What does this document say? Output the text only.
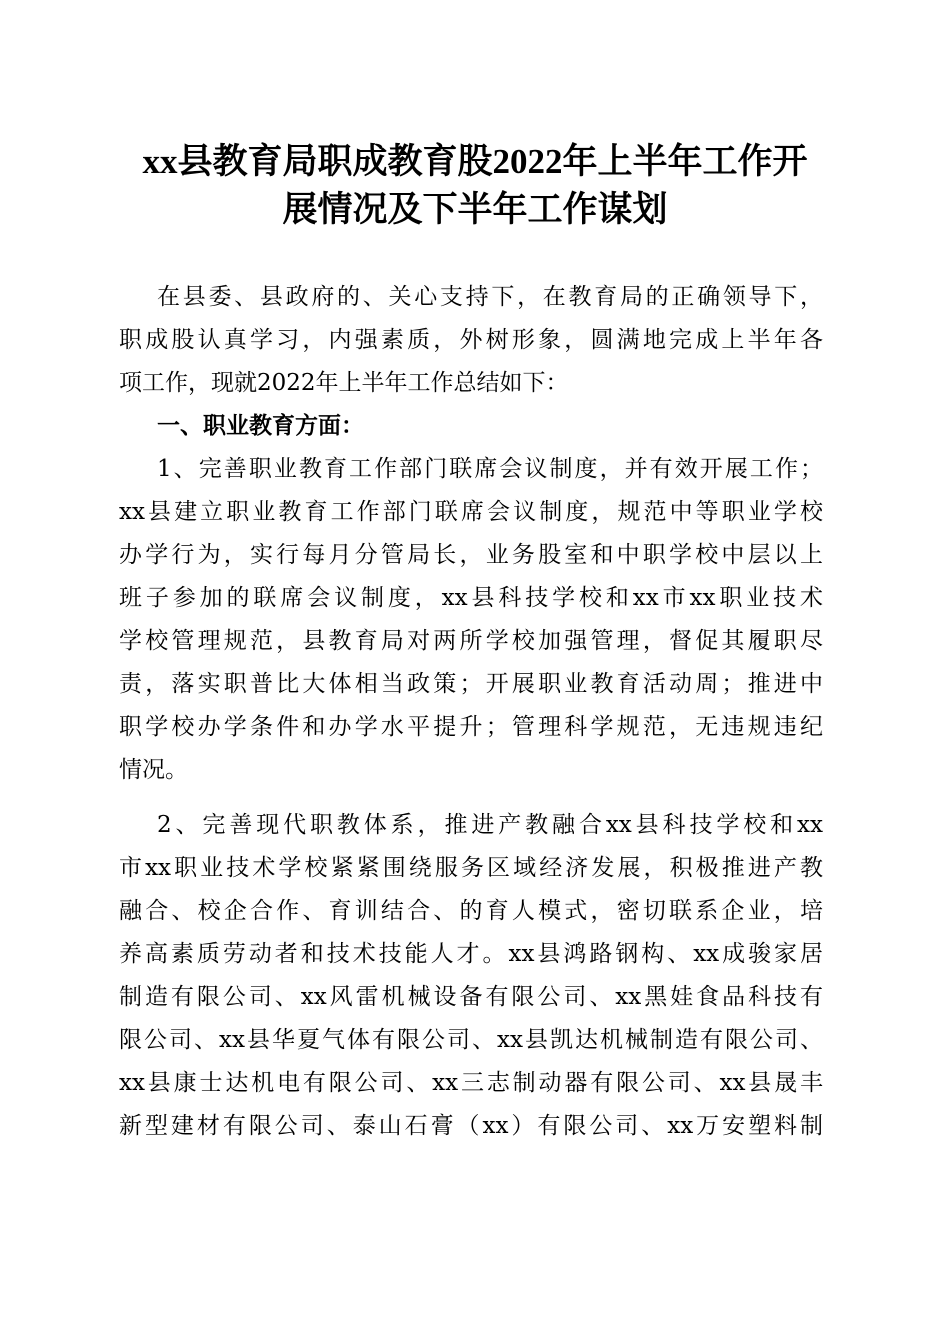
xx县教育局职成教育股2022年上半年工作开
展情况及下半年工作谋划
在县委、县政府的、关心支持下，在教育局的正确领导下，
职成股认真学习，内强素质，外树形象，圆满地完成上半年各
项工作，现就2022年上半年工作总结如下：
一、职业教育方面：
1、完善职业教育工作部门联席会议制度，并有效开展工作；
xx县建立职业教育工作部门联席会议制度，规范中等职业学校
办学行为，实行每月分管局长，业务股室和中职学校中层以上
班子参加的联席会议制度，xx县科技学校和xx市xx职业技术
学校管理规范，县教育局对两所学校加强管理，督促其履职尽
责，落实职普比大体相当政策；开展职业教育活动周；推进中
职学校办学条件和办学水平提升；管理科学规范，无违规违纪
情况。
2、完善现代职教体系，推进产教融合xx县科技学校和xx
市xx职业技术学校紧紧围绕服务区域经济发展，积极推进产教
融合、校企合作、育训结合、的育人模式，密切联系企业，培
养高素质劳动者和技术技能人才。xx县鸿路钢构、xx成骏家居
制造有限公司、xx风雷机械设备有限公司、xx黑娃食品科技有
限公司、xx县华夏气体有限公司、xx县凯达机械制造有限公司、
xx县康士达机电有限公司、xx三志制动器有限公司、xx县晟丰
新型建材有限公司、泰山石膏（xx）有限公司、xx万安塑料制
